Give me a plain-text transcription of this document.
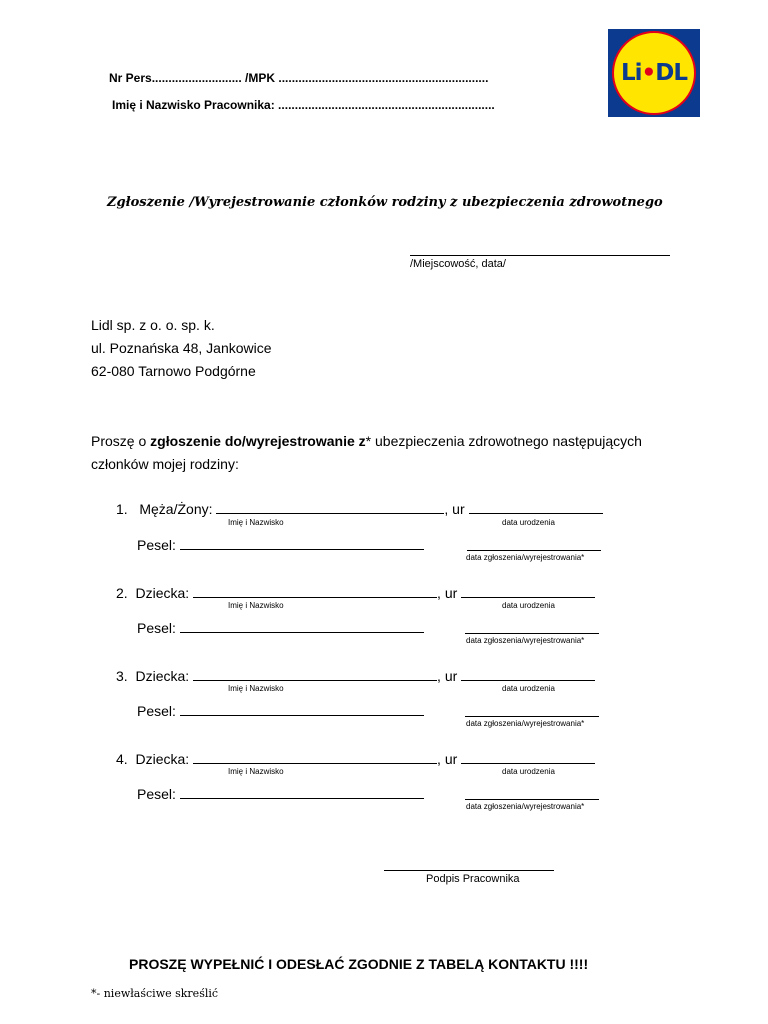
Nr Pers........................... /MPK ...............................................................
Imię i Nazwisko Pracownika: .................................................................
Li•DL
Zgłoszenie /Wyrejestrowanie członków rodziny z ubezpieczenia zdrowotnego
/Miejscowość, data/
Lidl sp. z o. o. sp. k.
ul. Poznańska 48, Jankowice
62-080 Tarnowo Podgórne
Proszę o zgłoszenie do/wyrejestrowanie z* ubezpieczenia zdrowotnego następujących
członków mojej rodziny:
1. Męża/Żony:	, ur
Imię i Nazwisko	data urodzenia
Pesel:
data zgłoszenia/wyrejestrowania*
2. Dziecka:	, ur
Imię i Nazwisko	data urodzenia
Pesel:
data zgłoszenia/wyrejestrowania*
3. Dziecka:	, ur
Imię i Nazwisko	data urodzenia
Pesel:
data zgłoszenia/wyrejestrowania*
4. Dziecka:	, ur
Imię i Nazwisko	data urodzenia
Pesel:
data zgłoszenia/wyrejestrowania*
Podpis Pracownika
PROSZĘ WYPEŁNIĆ I ODESŁAĆ ZGODNIE Z TABELĄ KONTAKTU !!!!
*- niewłaściwe skreślić
